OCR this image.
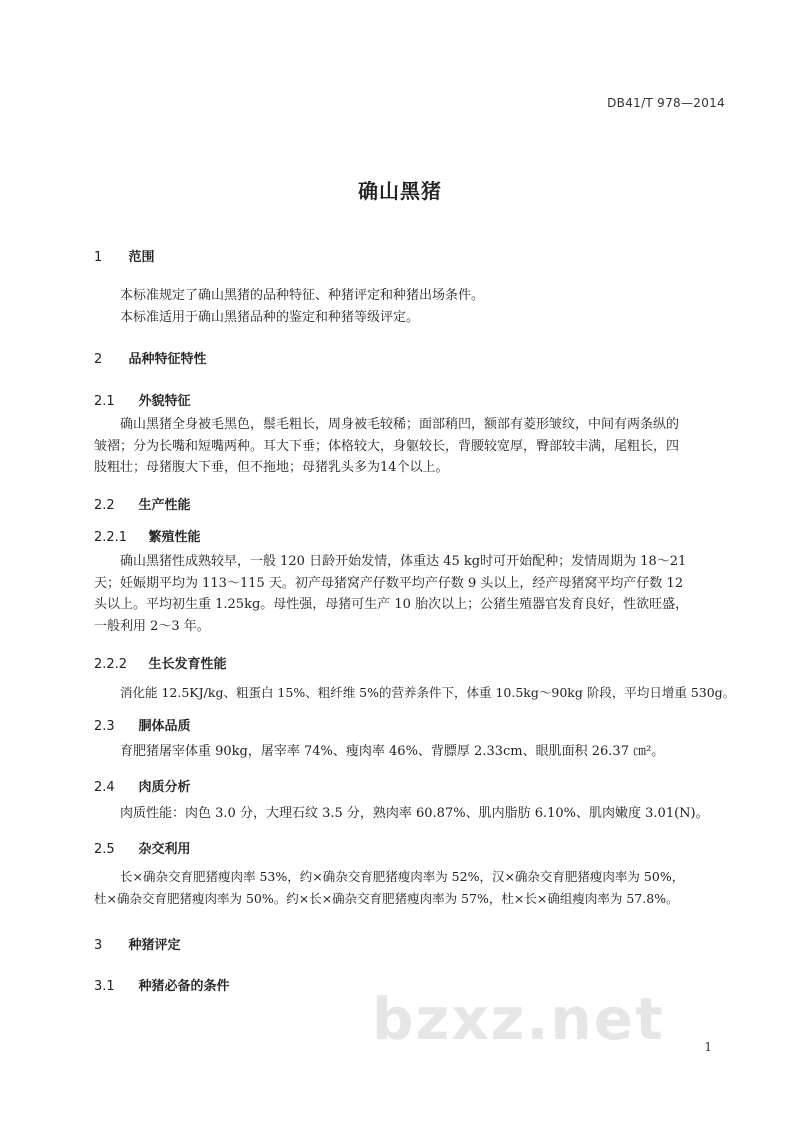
DB41/T 978—2014
确山黑猪
1 范围
本标准规定了确山黑猪的品种特征、种猪评定和种猪出场条件。
本标准适用于确山黑猪品种的鉴定和种猪等级评定。
2 品种特征特性
2.1 外貌特征
确山黑猪全身被毛黑色，鬃毛粗长，周身被毛较稀；面部稍凹，额部有菱形皱纹，中间有两条纵的
皱褶；分为长嘴和短嘴两种。耳大下垂；体格较大，身躯较长，背腰较宽厚，臀部较丰满，尾粗长，四
肢粗壮；母猪腹大下垂，但不拖地；母猪乳头多为14个以上。
2.2 生产性能
2.2.1 繁殖性能
确山黑猪性成熟较早，一般 120 日龄开始发情，体重达 45 kg时可开始配种；发情周期为 18～21
天；妊娠期平均为 113～115 天。初产母猪窝产仔数平均产仔数 9 头以上，经产母猪窝平均产仔数 12
头以上。平均初生重 1.25kg。母性强，母猪可生产 10 胎次以上；公猪生殖器官发育良好，性欲旺盛，
一般利用 2～3 年。
2.2.2 生长发育性能
消化能 12.5KJ/kg、粗蛋白 15%、粗纤维 5%的营养条件下，体重 10.5kg～90kg 阶段，平均日增重 530g。
2.3 胴体品质
育肥猪屠宰体重 90kg，屠宰率 74%、瘦肉率 46%、背膘厚 2.33cm、眼肌面积 26.37 ㎝²。
2.4 肉质分析
肉质性能：肉色 3.0 分，大理石纹 3.5 分，熟肉率 60.87%、肌内脂肪 6.10%、肌肉嫩度 3.01(N)。
2.5 杂交利用
长×确杂交育肥猪瘦肉率 53%，约×确杂交育肥猪瘦肉率为 52%，汉×确杂交育肥猪瘦肉率为 50%，
杜×确杂交育肥猪瘦肉率为 50%。约×长×确杂交育肥猪瘦肉率为 57%，杜×长×确组瘦肉率为 57.8%。
3 种猪评定
3.1 种猪必备的条件 bzxz.net	1
